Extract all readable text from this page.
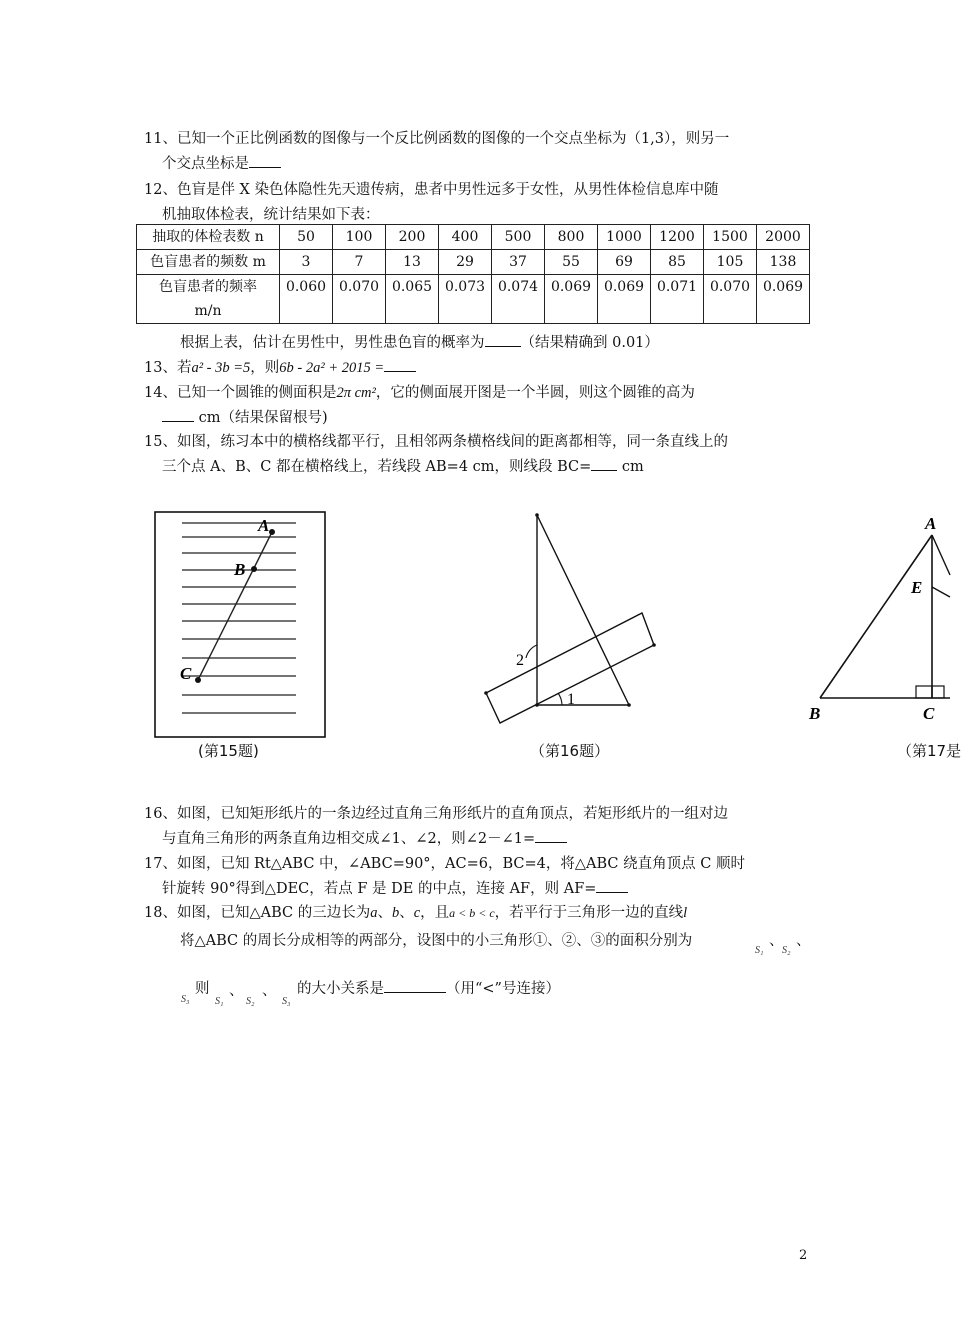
11、已知一个正比例函数的图像与一个反比例函数的图像的一个交点坐标为（1,3），则另一
个交点坐标是
12、色盲是伴 X 染色体隐性先天遗传病，患者中男性远多于女性，从男性体检信息库中随
机抽取体检表，统计结果如下表：
抽取的体检表数 n	50	100	200	400	500	800	1000	1200	1500	2000
色盲患者的频数 m	3	7	13	29	37	55	69	85	105	138

色盲患者的频率
m/n	0.060	0.070	0.065	0.073	0.074	0.069	0.069	0.071	0.070	0.069
根据上表，估计在男性中，男性患色盲的概率为 （结果精确到 0.01）
13、若a² - 3b =5，则6b - 2a² + 2015 =
14、已知一个圆锥的侧面积是2π cm²，它的侧面展开图是一个半圆，则这个圆锥的高为
cm（结果保留根号)
15、如图，练习本中的横格线都平行，且相邻两条横格线间的距离都相等，同一条直线上的
三个点 A、B、C 都在横格线上，若线段 AB=4 cm，则线段 BC= cm
A
B
C
(第15题)
2
1
（第16题）
A
E
B	C
（第17是
16、如图，已知矩形纸片的一条边经过直角三角形纸片的直角顶点，若矩形纸片的一组对边
与直角三角形的两条直角边相交成∠1、∠2，则∠2－∠1=
17、如图，已知 Rt△ABC 中，∠ABC=90°，AC=6，BC=4，将△ABC 绕直角顶点 C 顺时
针旋转 90°得到△DEC，若点 F 是 DE 的中点，连接 AF，则 AF=
18、如图，已知△ABC 的三边长为a、b、c，且a < b < c，若平行于三角形一边的直线l
将△ABC 的周长分成相等的两部分，设图中的小三角形①、②、③的面积分别为
S₁
、
S₂
、
S₃
则
S₁
、
S₂
、
S₃
的大小关系是	（用“<”号连接）
2
